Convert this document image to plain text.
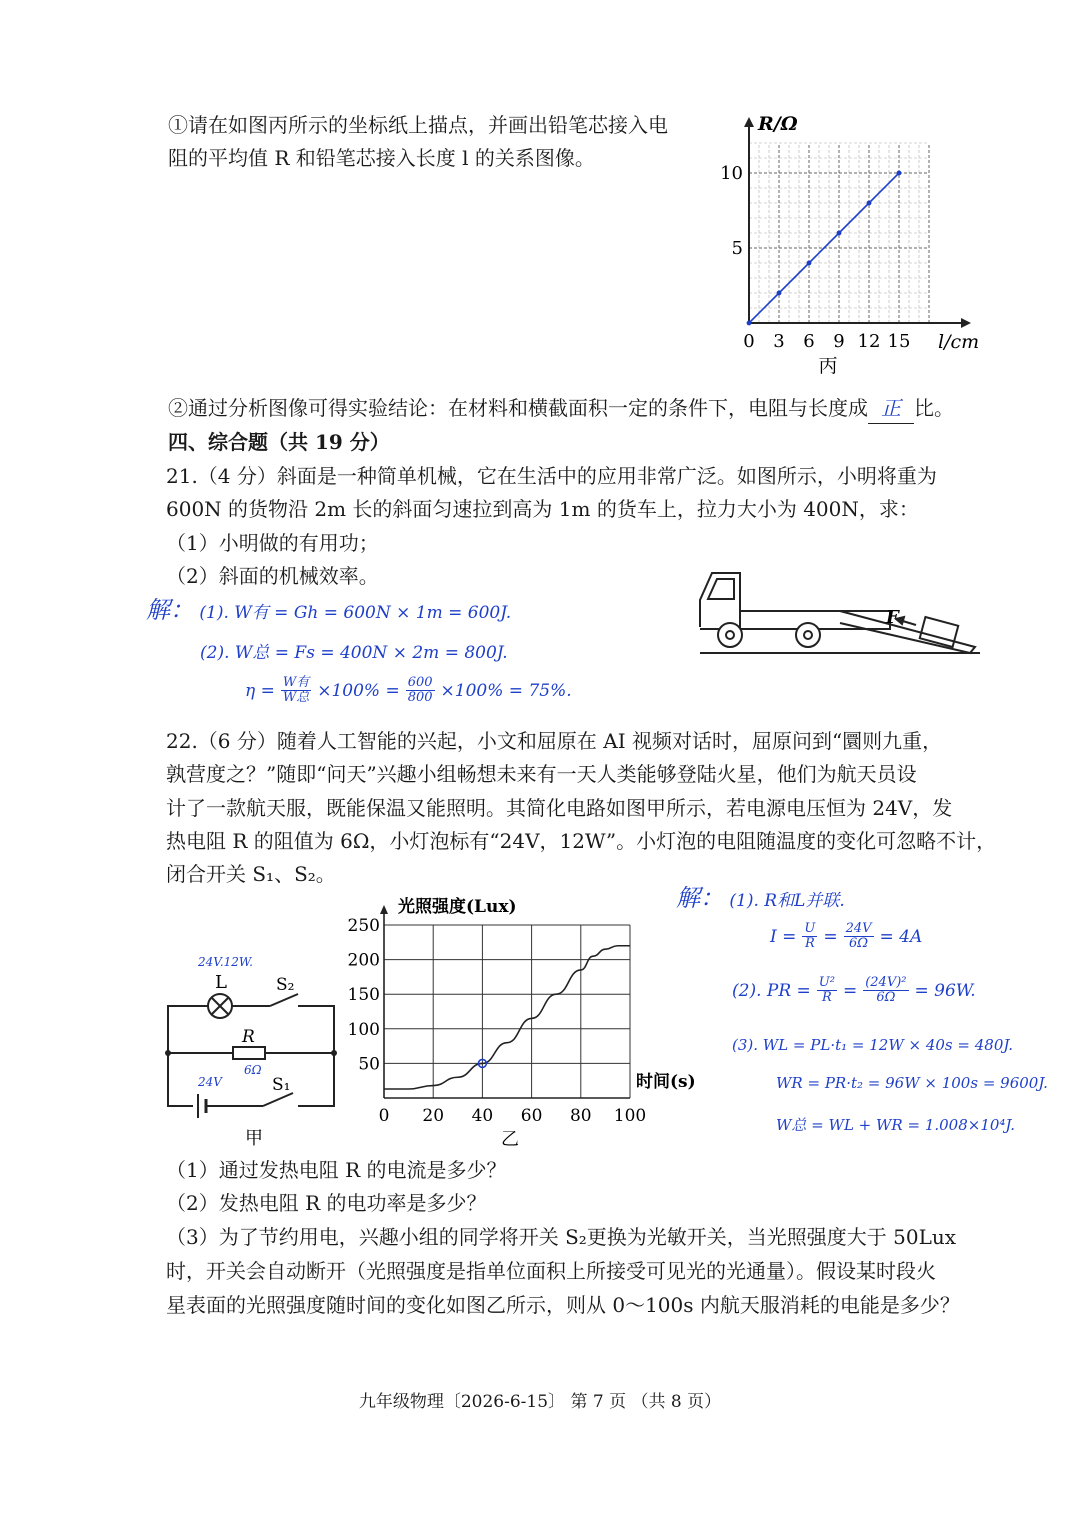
①请在如图丙所示的坐标纸上描点，并画出铅笔芯接入电
阻的平均值 R 和铅笔芯接入长度 l 的关系图像。
R/Ω
l/cm
0 3 6 9 12 15
5
10
丙
②通过分析图像可得实验结论：在材料和横截面积一定的条件下，电阻与长度成 正 比。
四、综合题（共 19 分）
21.（4 分）斜面是一种简单机械，它在生活中的应用非常广泛。如图所示，小明将重为
600N 的货物沿 2m 长的斜面匀速拉到高为 1m 的货车上，拉力大小为 400N，求：
（1）小明做的有用功；
（2）斜面的机械效率。
F
解： (1). W有 = Gh = 600N × 1m = 600J.
(2). W总 = Fs = 400N × 2m = 800J.
η = W有
W总 $\times 100\% = \frac{600}{800} \times 100\% = 75\%$.
22.（6 分）随着人工智能的兴起，小文和屈原在 AI 视频对话时，屈原问到“圜则九重，
孰营度之？”随即“问天”兴趣小组畅想未来有一天人类能够登陆火星，他们为航天员设
计了一款航天服，既能保温又能照明。其简化电路如图甲所示，若电源电压恒为 24V，发
热电阻 R 的阻值为 6Ω，小灯泡标有“24V，12W”。小灯泡的电阻随温度的变化可忽略不计，
闭合开关 S₁、S₂。
L	S₂
R
S₁
24V.12W.
6Ω
24V
甲
0 20 40 60 80 100
50
100
150
200
250
光照强度(Lux)
时间(s)
乙
解： (1). R和L并联.
$I = \frac{U}{R} = \frac{24V}{6\Omega} = 4A$
(2). PR = $\frac{\text{U²}}{R} = \frac{\text{(24V)²}}{6\Omega} = 96W$.
(3). WL = PL·t₁ = 12W × 40s = 480J.
WR = PR·t₂ = 96W × 100s = 9600J.
W总 = WL + WR = 1.008×10⁴J.
（1）通过发热电阻 R 的电流是多少？
（2）发热电阻 R 的电功率是多少？
（3）为了节约用电，兴趣小组的同学将开关 S₂更换为光敏开关，当光照强度大于 50Lux
时，开关会自动断开（光照强度是指单位面积上所接受可见光的光通量）。假设某时段火
星表面的光照强度随时间的变化如图乙所示，则从 0～100s 内航天服消耗的电能是多少？
九年级物理〔2026-6-15〕 第 7 页 （共 8 页）
